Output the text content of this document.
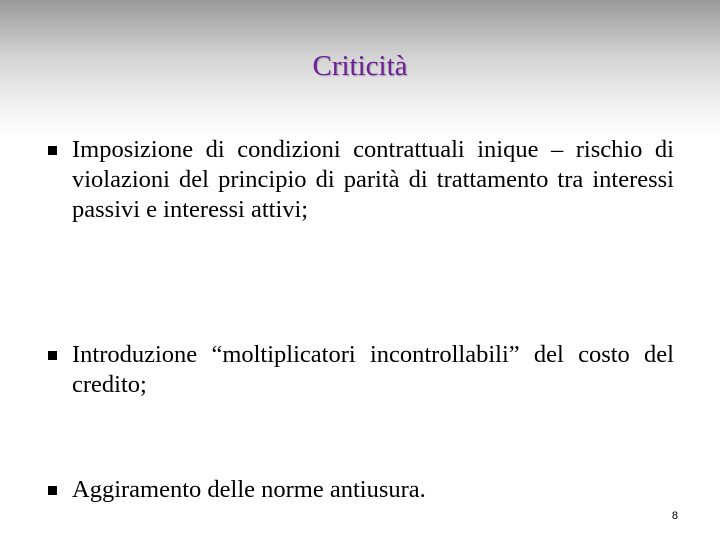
Criticità
Imposizione di condizioni contrattuali inique – rischio di violazioni del principio di parità di trattamento tra interessi passivi e interessi attivi;
Introduzione “moltiplicatori incontrollabili” del costo del credito;
Aggiramento delle norme antiusura.
8
